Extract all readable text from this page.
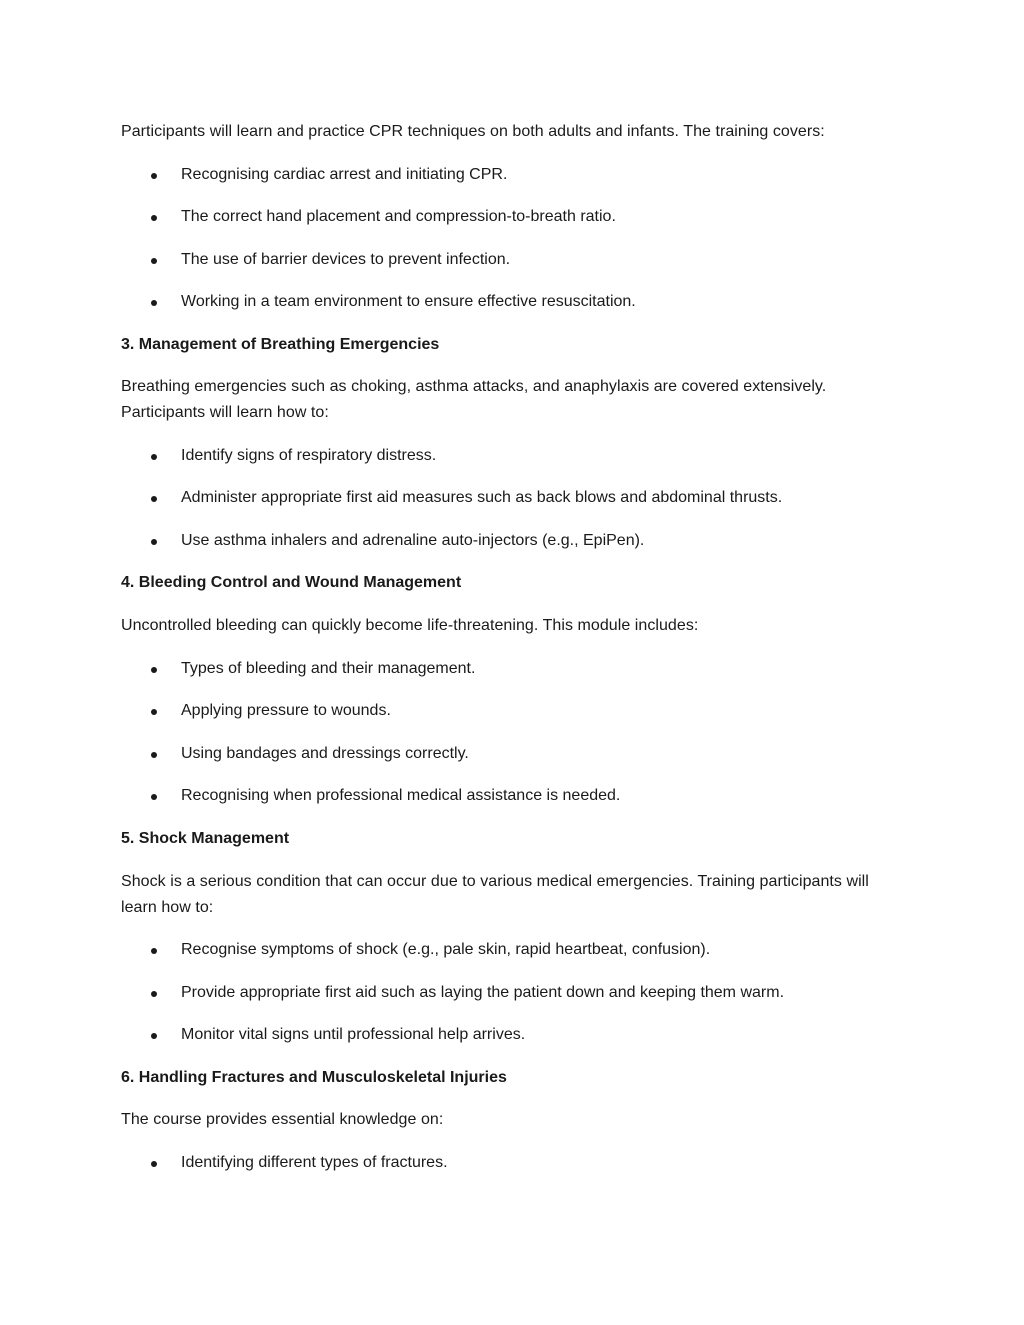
Participants will learn and practice CPR techniques on both adults and infants. The training covers:

Recognising cardiac arrest and initiating CPR.
The correct hand placement and compression-to-breath ratio.
The use of barrier devices to prevent infection.
Working in a team environment to ensure effective resuscitation.
3. Management of Breathing Emergencies

Breathing emergencies such as choking, asthma attacks, and anaphylaxis are covered extensively.

Participants will learn how to:

Identify signs of respiratory distress.
Administer appropriate first aid measures such as back blows and abdominal thrusts.
Use asthma inhalers and adrenaline auto-injectors (e.g., EpiPen).
4. Bleeding Control and Wound Management

Uncontrolled bleeding can quickly become life-threatening. This module includes:

Types of bleeding and their management.
Applying pressure to wounds.
Using bandages and dressings correctly.
Recognising when professional medical assistance is needed.
5. Shock Management

Shock is a serious condition that can occur due to various medical emergencies. Training participants will

learn how to:

Recognise symptoms of shock (e.g., pale skin, rapid heartbeat, confusion).
Provide appropriate first aid such as laying the patient down and keeping them warm.
Monitor vital signs until professional help arrives.
6. Handling Fractures and Musculoskeletal Injuries

The course provides essential knowledge on:

Identifying different types of fractures.
